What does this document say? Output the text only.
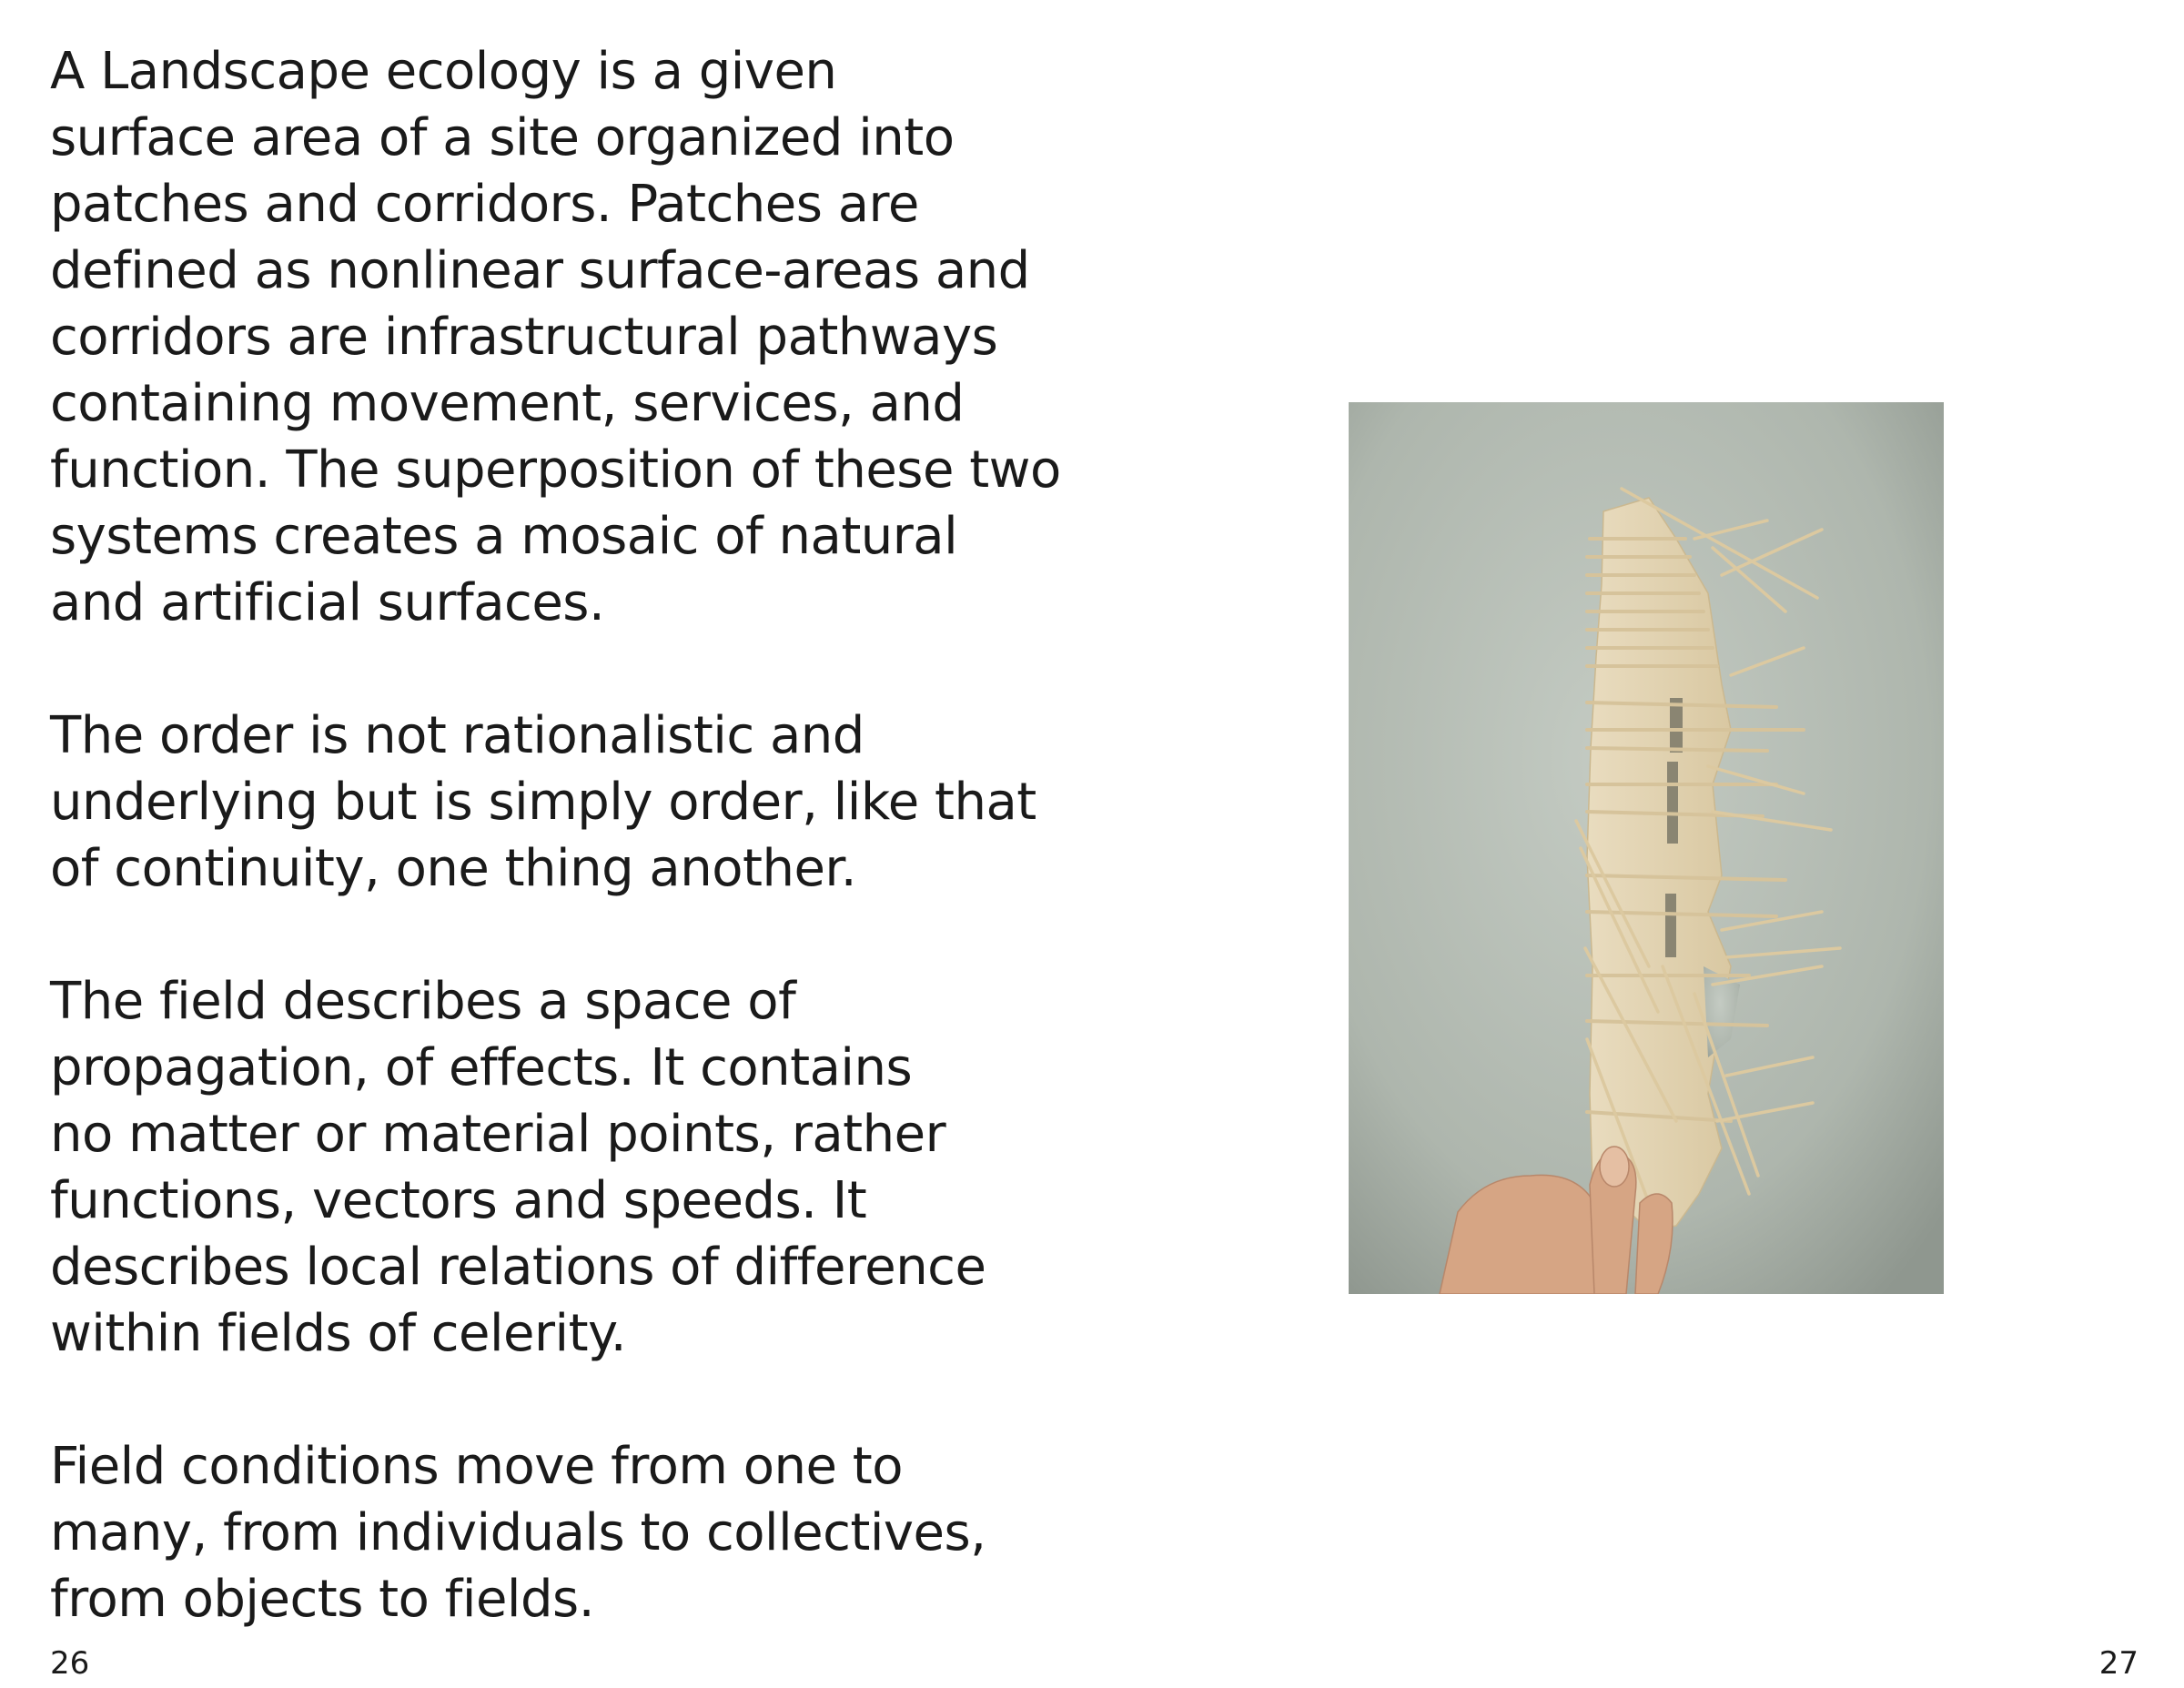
A Landscape ecology is a given
surface area of a site organized into
patches and corridors. Patches are
defined as nonlinear surface-areas and
corridors are infrastructural pathways
containing movement, services, and
function. The superposition of these two
systems creates a mosaic of natural
and artificial surfaces.

The order is not rationalistic and
underlying but is simply order, like that
of continuity, one thing another.

The field describes a space of
propagation, of effects. It contains
no matter or material points, rather
functions, vectors and speeds. It
describes local relations of difference
within fields of celerity.

Field conditions move from one to
many, from individuals to collectives,
from objects to fields.

26	27
